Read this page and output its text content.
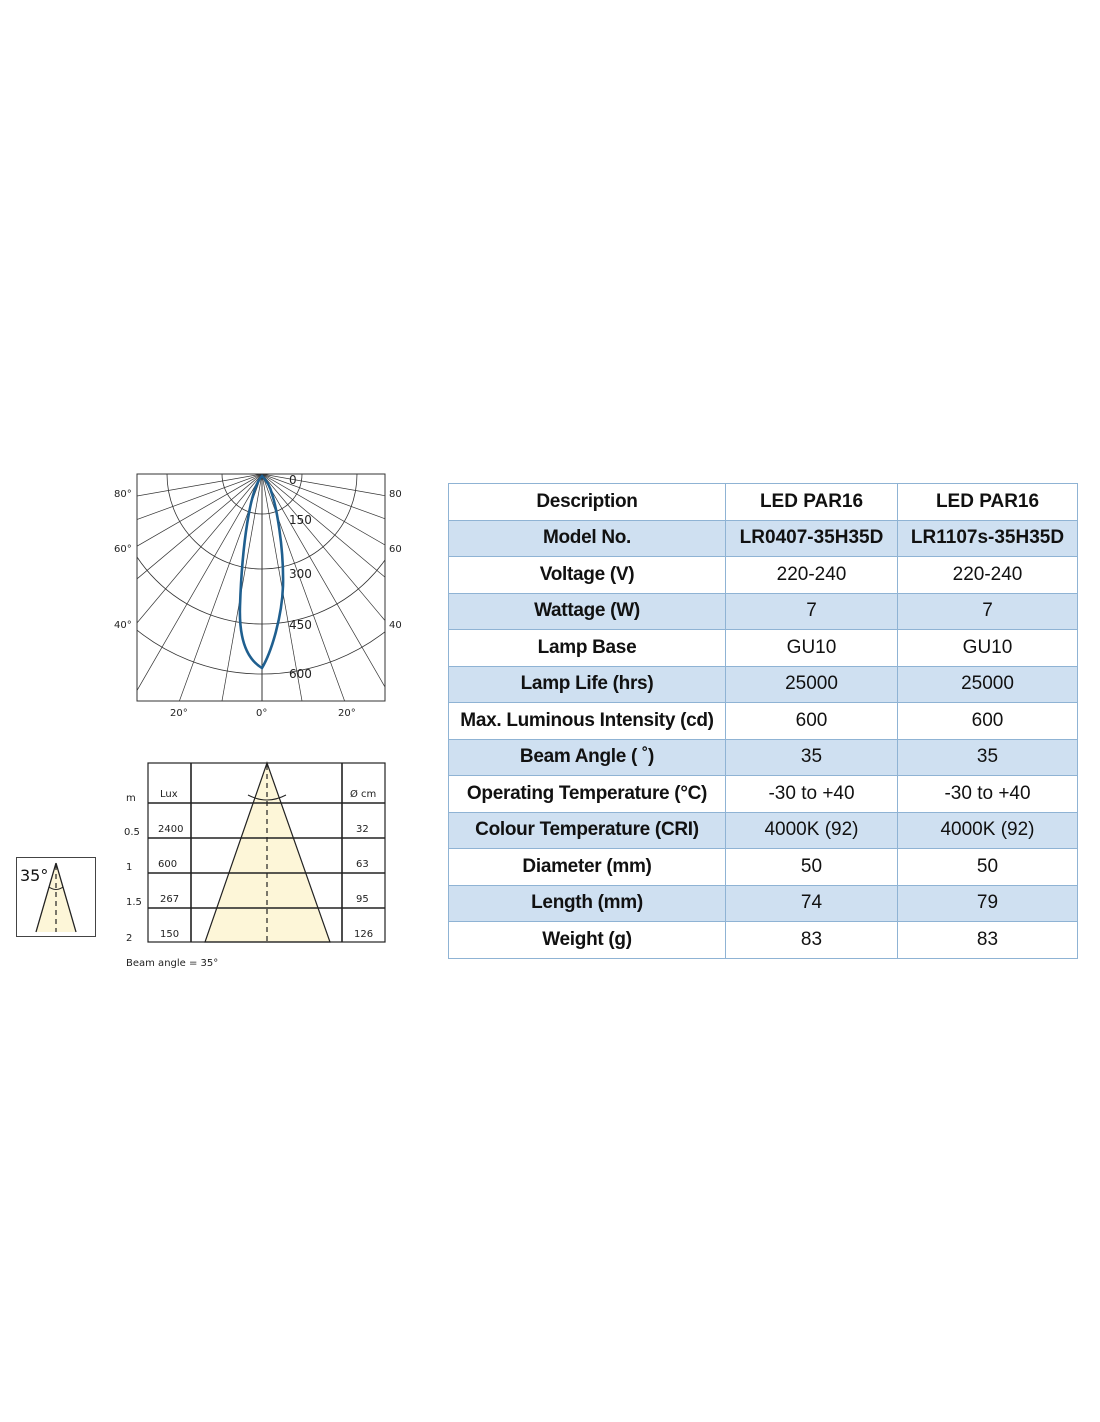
80°
60°
40°
80
60
40
0
150
300
450
600
20°	0°	20°
m Lux	Ø cm
0.5 2400	32
1	600	63
1.5 267	95
2	150	126
Beam angle = 35°
35°
Description	LED PAR16	LED PAR16
Model No.	LR0407-35H35D	LR1107s-35H35D
Voltage (V)	220-240	220-240
Wattage (W)	7	7
Lamp Base	GU10	GU10
Lamp Life (hrs)	25000	25000
Max. Luminous Intensity (cd)	600	600
Beam Angle ( ˚)	35	35
Operating Temperature (°C)	-30 to +40	-30 to +40
Colour Temperature (CRI)	4000K (92)	4000K (92)
Diameter (mm)	50	50
Length (mm)	74	79
Weight (g)	83	83
